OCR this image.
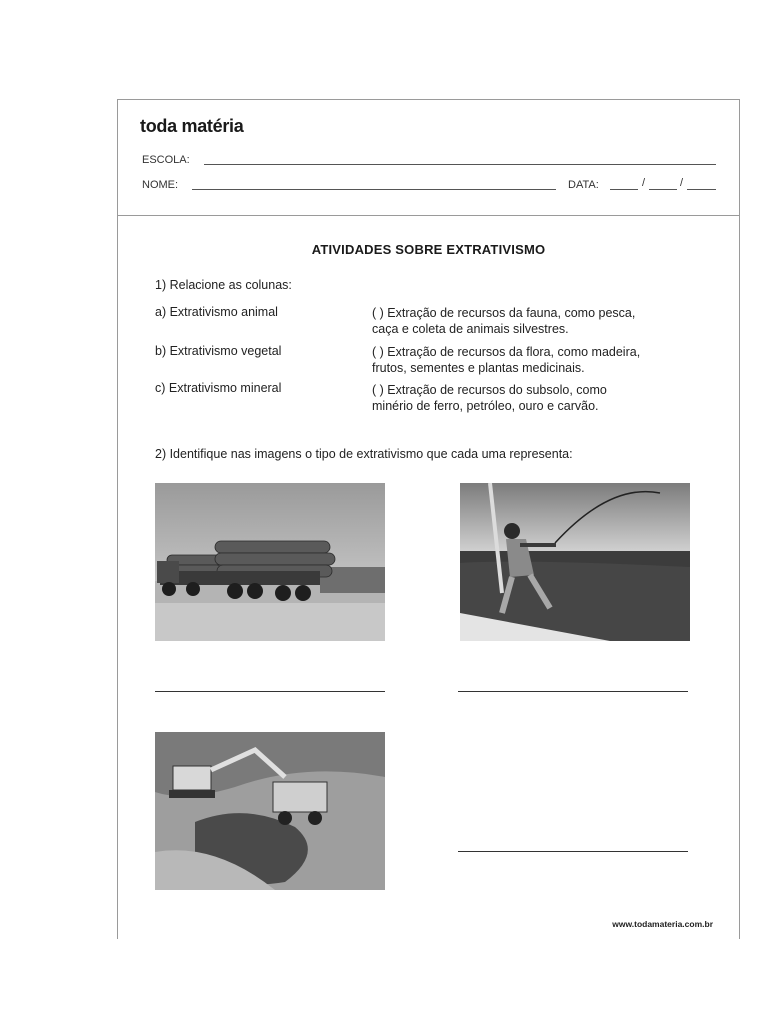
toda matéria
ESCOLA:
NOME:	DATA:	/	/
ATIVIDADES SOBRE EXTRATIVISMO
1) Relacione as colunas:
a) Extrativismo animal	( ) Extração de recursos da fauna, como pesca,
caça e coleta de animais silvestres.
b) Extrativismo vegetal	( ) Extração de recursos da flora, como madeira,
frutos, sementes e plantas medicinais.
c) Extrativismo mineral	( ) Extração de recursos do subsolo, como
minério de ferro, petróleo, ouro e carvão.
2) Identifique nas imagens o tipo de extrativismo que cada uma representa:
www.todamateria.com.br
